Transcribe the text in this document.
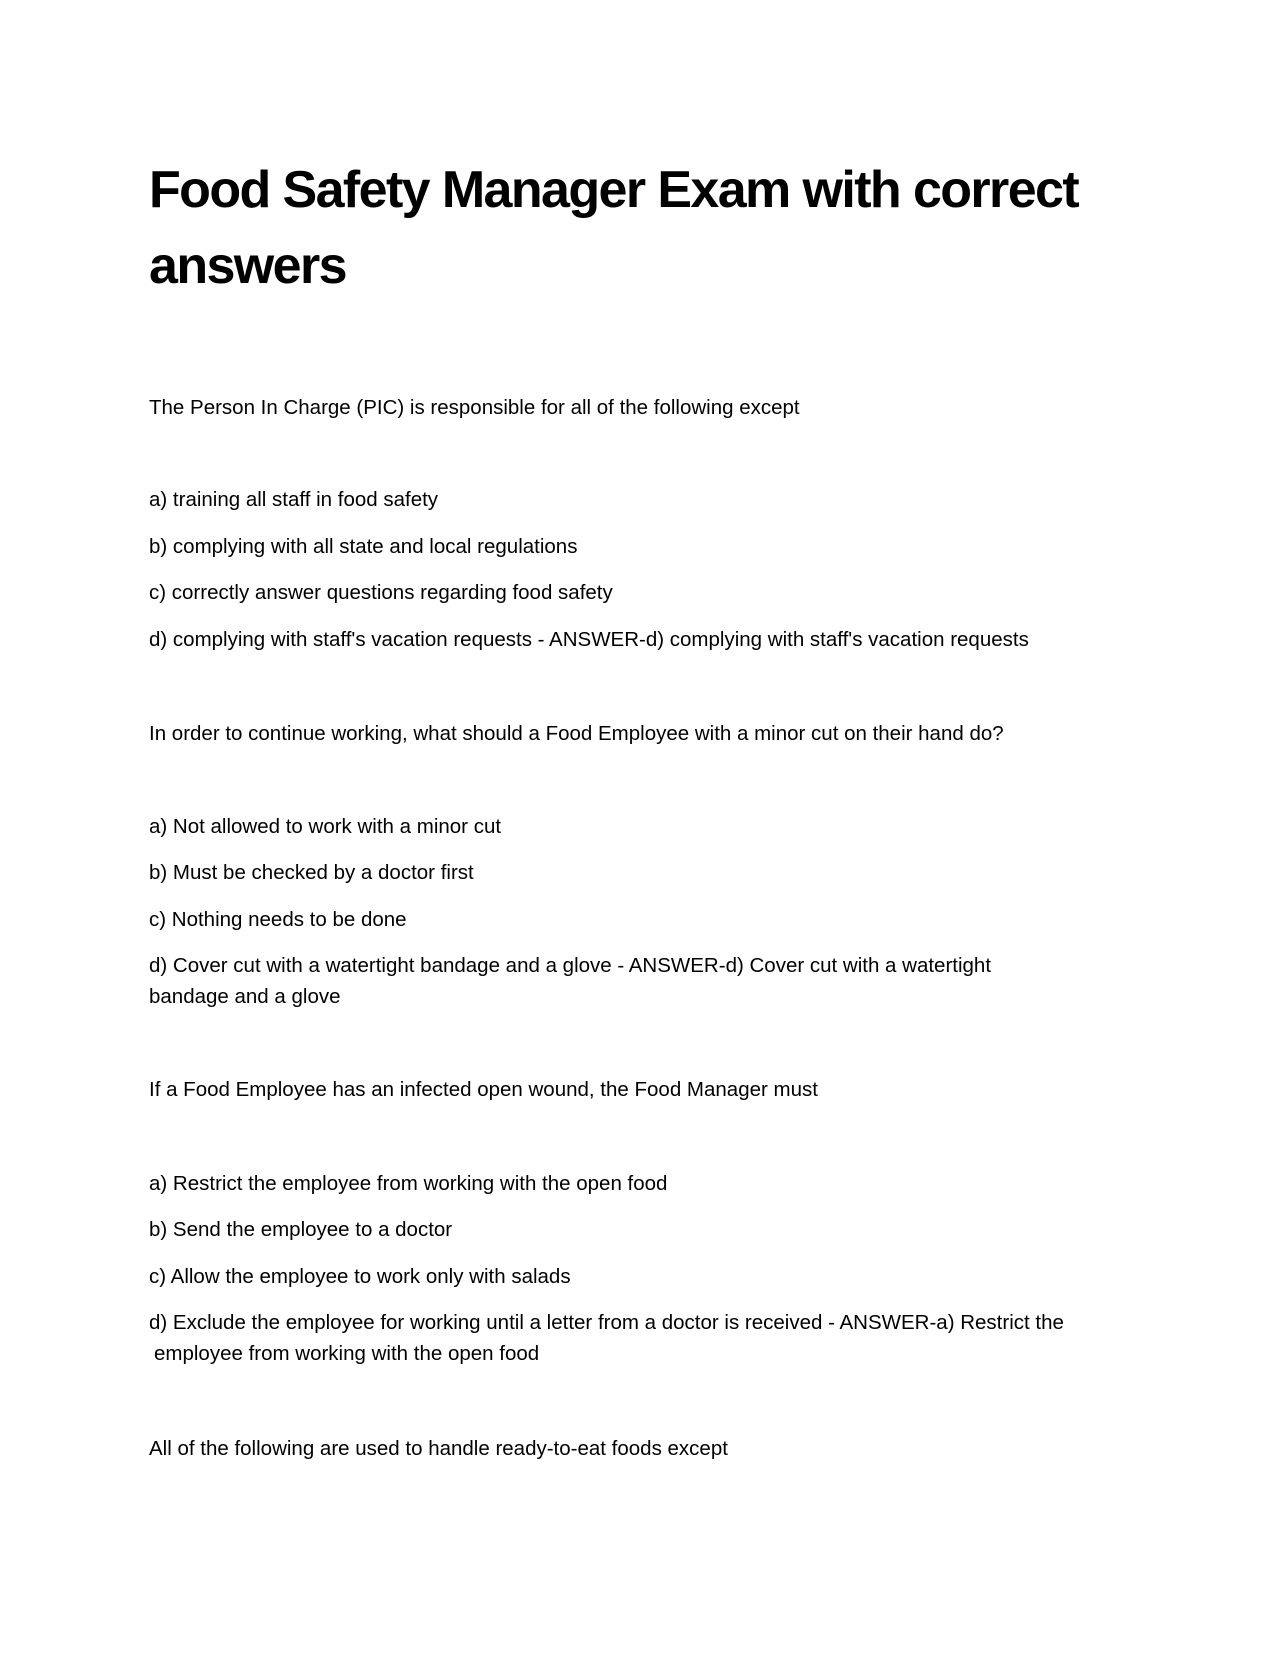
Food Safety Manager Exam with correct answers

The Person In Charge (PIC) is responsible for all of the following except

a) training all staff in food safety

b) complying with all state and local regulations

c) correctly answer questions regarding food safety

d) complying with staff's vacation requests - ANSWER-d) complying with staff's vacation requests

In order to continue working, what should a Food Employee with a minor cut on their hand do?

a) Not allowed to work with a minor cut

b) Must be checked by a doctor first

c) Nothing needs to be done

d) Cover cut with a watertight bandage and a glove - ANSWER-d) Cover cut with a watertight bandage and a glove

If a Food Employee has an infected open wound, the Food Manager must

a) Restrict the employee from working with the open food

b) Send the employee to a doctor

c) Allow the employee to work only with salads

d) Exclude the employee for working until a letter from a doctor is received - ANSWER-a) Restrict the

employee from working with the open food

All of the following are used to handle ready-to-eat foods except
